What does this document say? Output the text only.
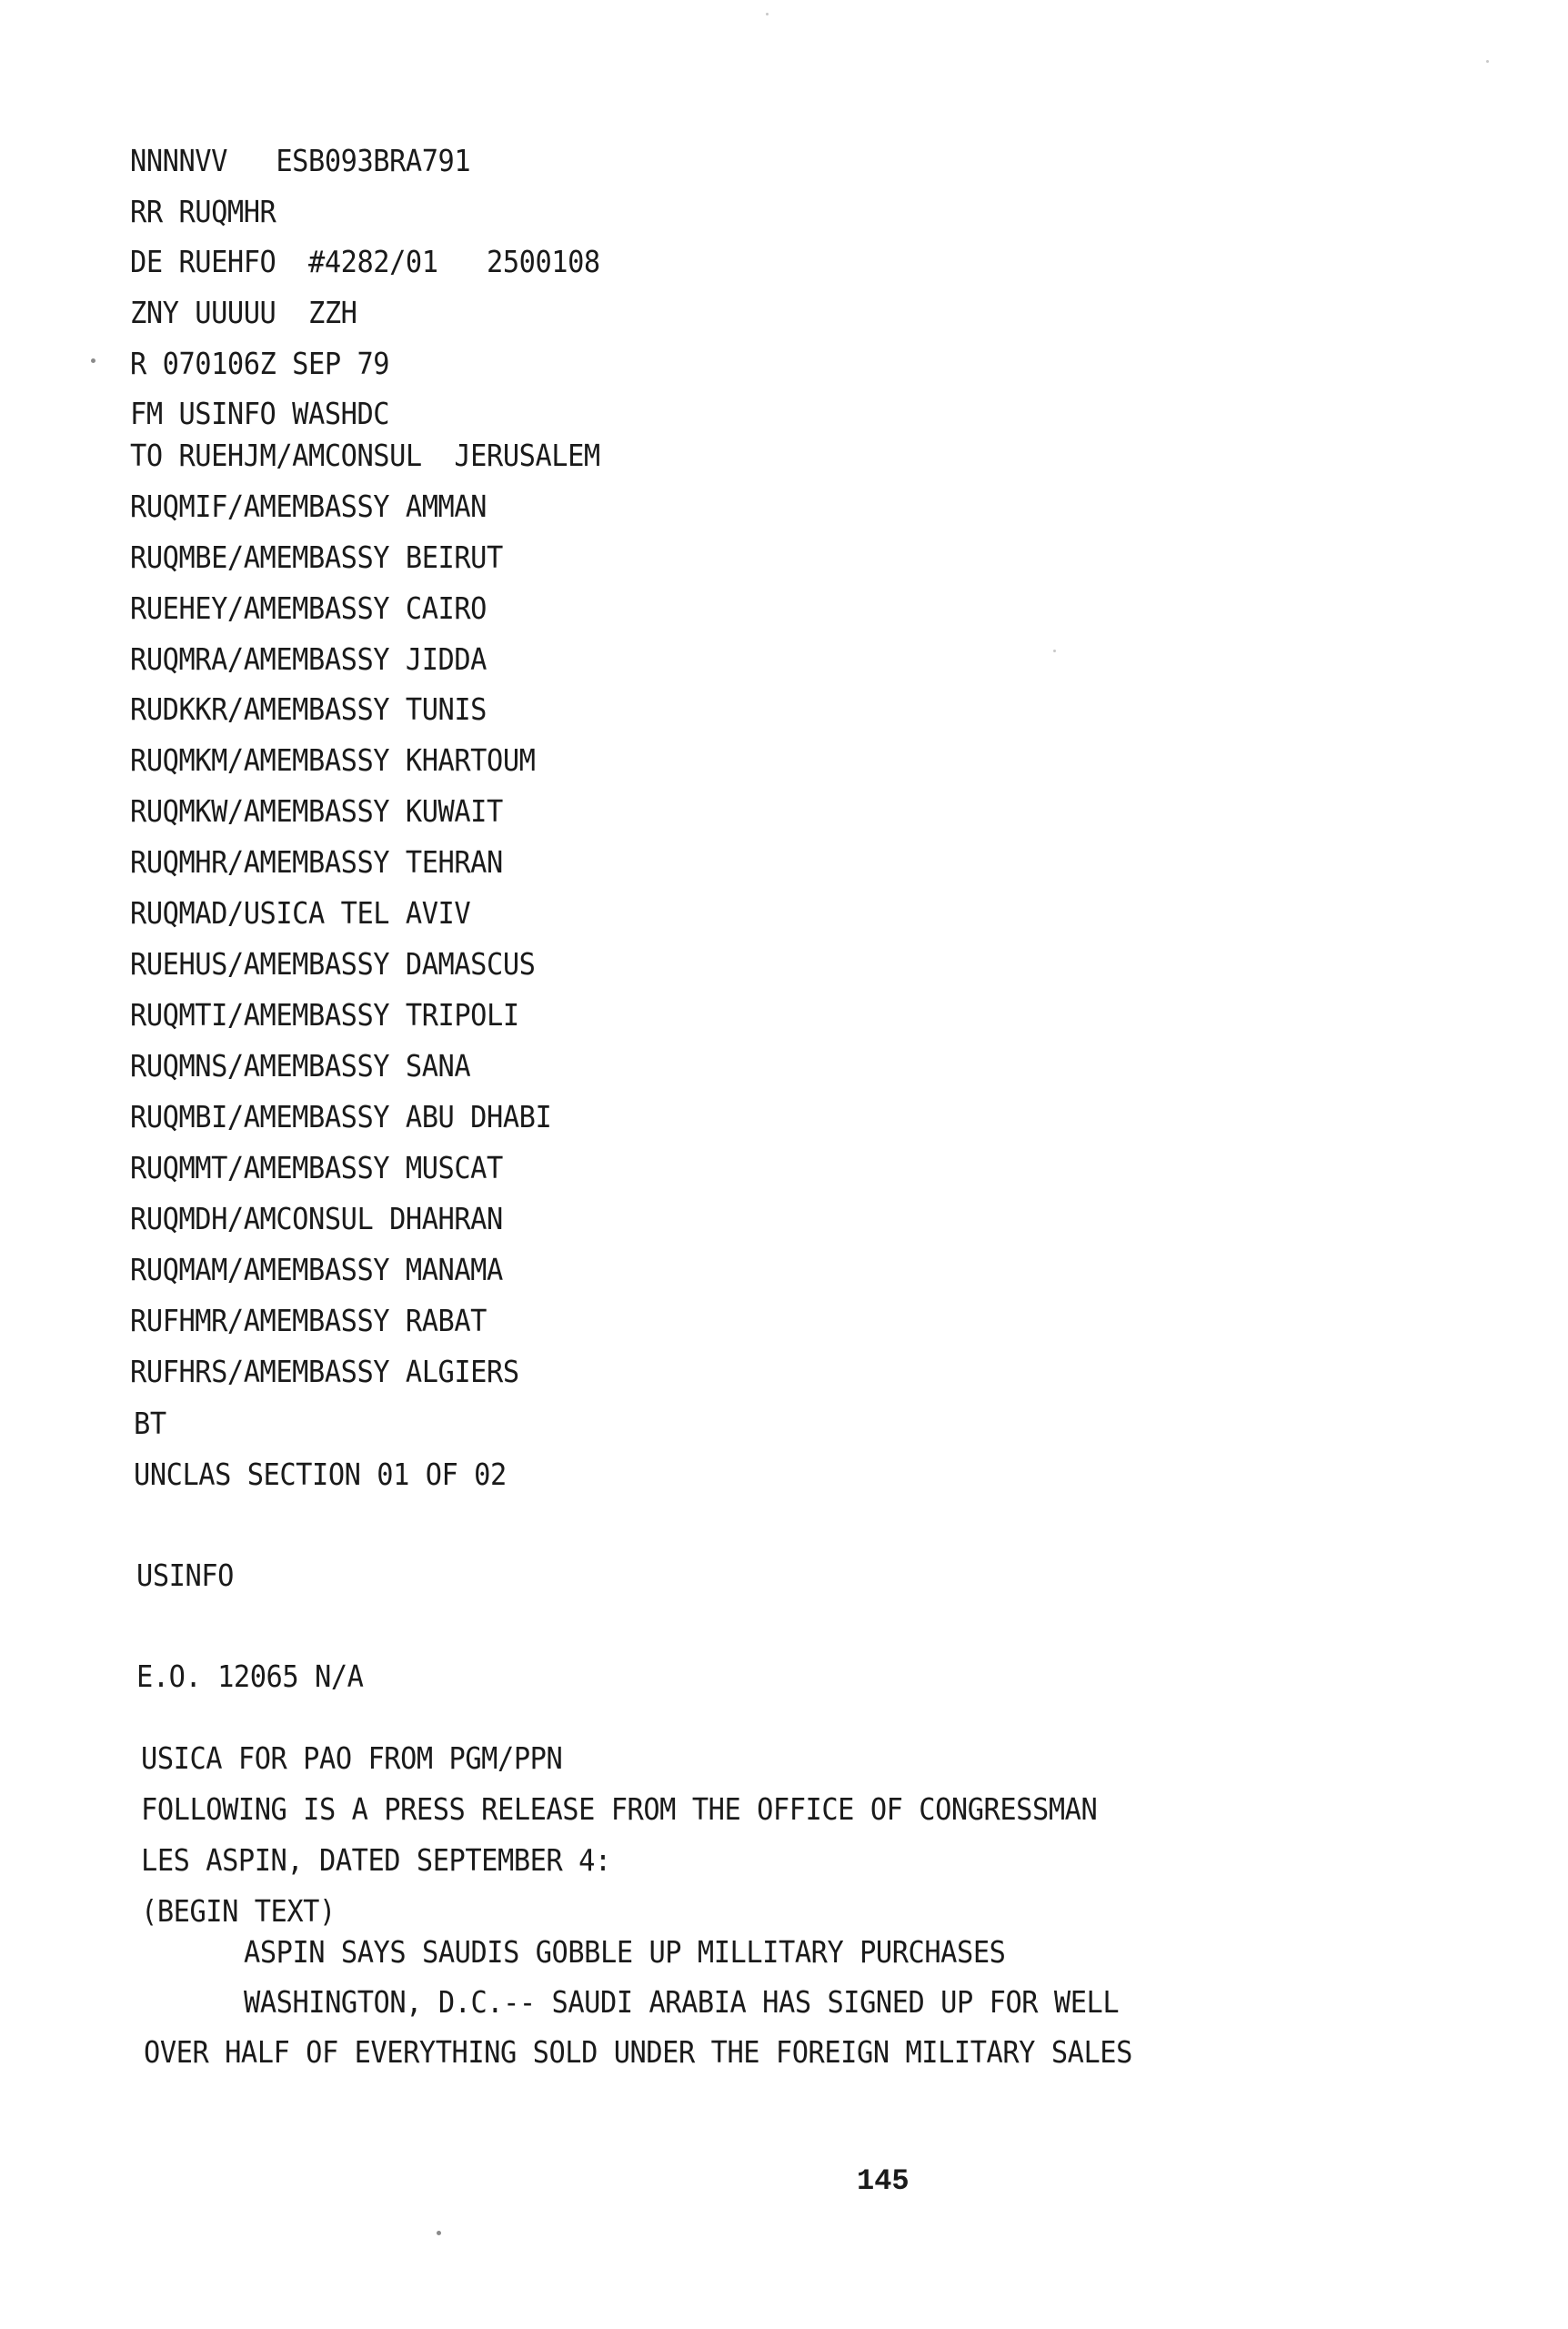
NNNNVV   ESB093BRA791
RR RUQMHR
DE RUEHFO  #4282/01   2500108
ZNY UUUUU  ZZH
R 070106Z SEP 79
FM USINFO WASHDC
TO RUEHJM/AMCONSUL  JERUSALEM
RUQMIF/AMEMBASSY AMMAN
RUQMBE/AMEMBASSY BEIRUT
RUEHEY/AMEMBASSY CAIRO
RUQMRA/AMEMBASSY JIDDA
RUDKKR/AMEMBASSY TUNIS
RUQMKM/AMEMBASSY KHARTOUM
RUQMKW/AMEMBASSY KUWAIT
RUQMHR/AMEMBASSY TEHRAN
RUQMAD/USICA TEL AVIV
RUEHUS/AMEMBASSY DAMASCUS
RUQMTI/AMEMBASSY TRIPOLI
RUQMNS/AMEMBASSY SANA
RUQMBI/AMEMBASSY ABU DHABI
RUQMMT/AMEMBASSY MUSCAT
RUQMDH/AMCONSUL DHAHRAN
RUQMAM/AMEMBASSY MANAMA
RUFHMR/AMEMBASSY RABAT
RUFHRS/AMEMBASSY ALGIERS
BT
UNCLAS SECTION 01 OF 02
USINFO
E.O. 12065 N/A
USICA FOR PAO FROM PGM/PPN
FOLLOWING IS A PRESS RELEASE FROM THE OFFICE OF CONGRESSMAN
LES ASPIN, DATED SEPTEMBER 4:
(BEGIN TEXT)
ASPIN SAYS SAUDIS GOBBLE UP MILLITARY PURCHASES
WASHINGTON, D.C.-- SAUDI ARABIA HAS SIGNED UP FOR WELL
OVER HALF OF EVERYTHING SOLD UNDER THE FOREIGN MILITARY SALES
145
